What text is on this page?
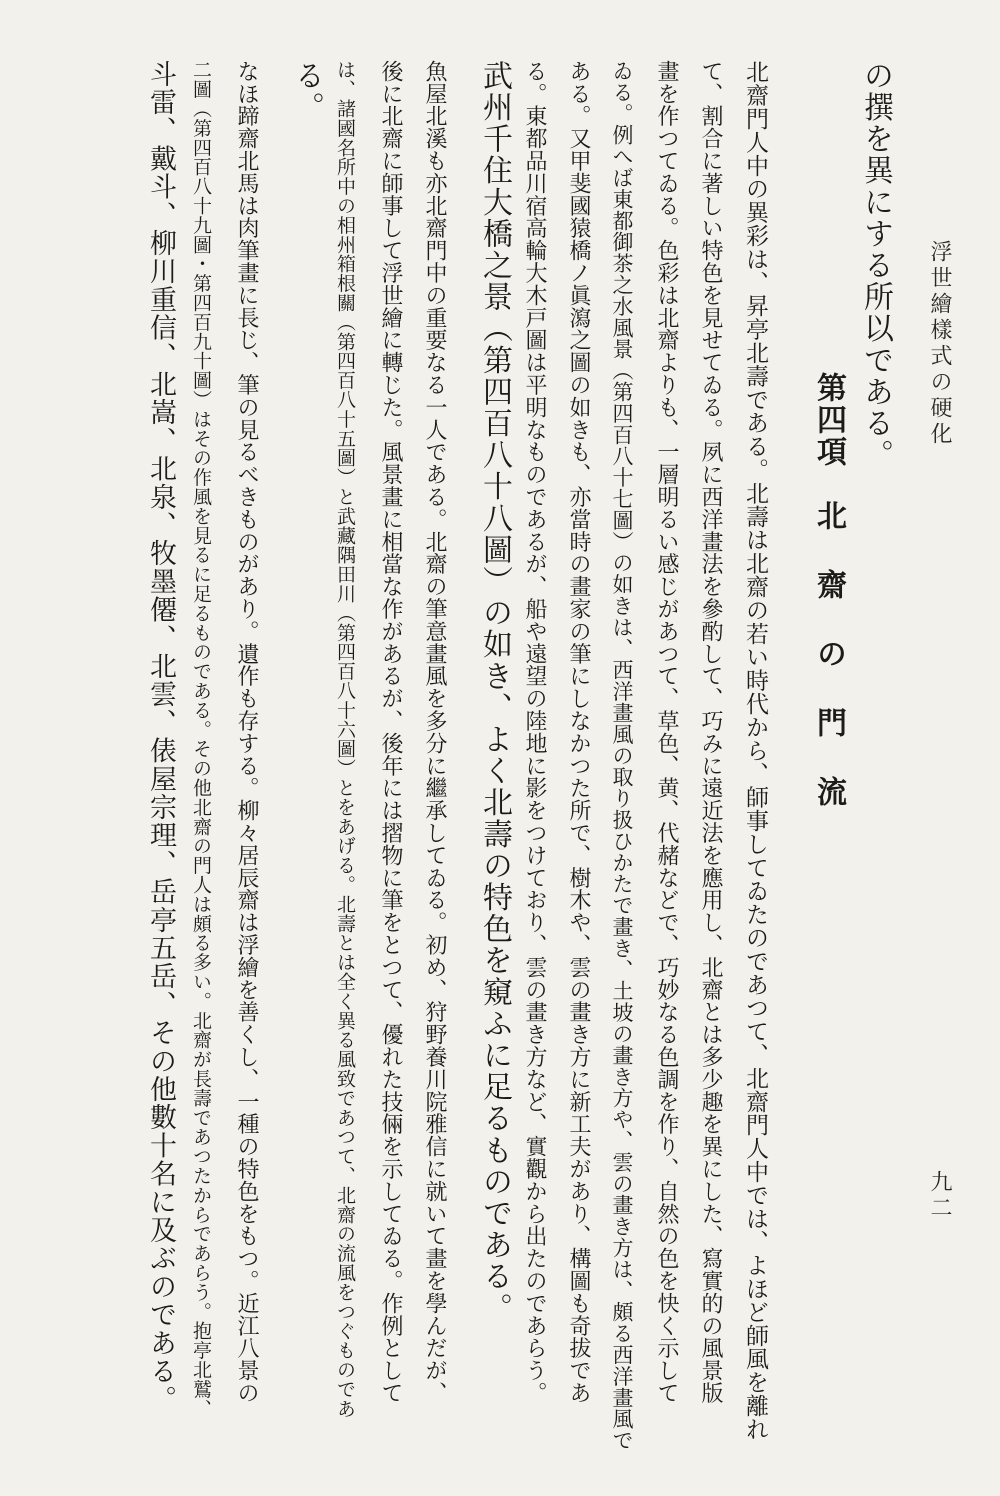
浮世繪樣式の硬化
九二
第四項　北 齋 の 門 流
の撰を異にする所以である。
北齋門人中の異彩は、昇亭北壽である。北壽は北齋の若い時代から、師事してゐたのであつて、北齋門人中では、よほど師風を離れ
て、割合に著しい特色を見せてゐる。夙に西洋畫法を參酌して、巧みに遠近法を應用し、北齋とは多少趣を異にした、寫實的の風景版
畫を作つてゐる。色彩は北齋よりも、一層明るい感じがあつて、草色、黄、代赭などで、巧妙なる色調を作り、自然の色を快く示して
ゐる。例へば東都御茶之水風景（第四百八十七圖）の如きは、西洋畫風の取り扱ひかたで畫き、土坡の畫き方や、雲の畫き方は、頗る西洋畫風で
ある。又甲斐國猿橋ノ眞瀉之圖の如きも、亦當時の畫家の筆にしなかつた所で、樹木や、雲の畫き方に新工夫があり、構圖も奇拔であ
る。東都品川宿高輪大木戸圖は平明なものであるが、船や遠望の陸地に影をつけており、雲の畫き方など、實觀から出たのであらう。
武州千住大橋之景（第四百八十八圖）の如き、よく北壽の特色を窺ふに足るものである。
魚屋北溪も亦北齋門中の重要なる一人である。北齋の筆意畫風を多分に繼承してゐる。初め、狩野養川院雅信に就いて畫を學んだが、
後に北齋に師事して浮世繪に轉じた。風景畫に相當な作があるが、後年には摺物に筆をとつて、優れた技倆を示してゐる。作例として
は、諸國名所中の相州箱根關（第四百八十五圖）と武藏隅田川（第四百八十六圖）とをあげる。北壽とは全く異る風致であつて、北齋の流風をつぐものであ
る。
なほ蹄齋北馬は肉筆畫に長じ、筆の見るべきものがあり。遺作も存する。柳々居辰齋は浮繪を善くし、一種の特色をもつ。近江八景の
二圖（第四百八十九圖・第四百九十圖）はその作風を見るに足るものである。その他北齋の門人は頗る多い。北齋が長壽であつたからであらう。抱亭北鷲、
斗雷、戴斗、柳川重信、北嵩、北泉、牧墨僊、北雲、俵屋宗理、岳亭五岳、その他數十名に及ぶのである。
